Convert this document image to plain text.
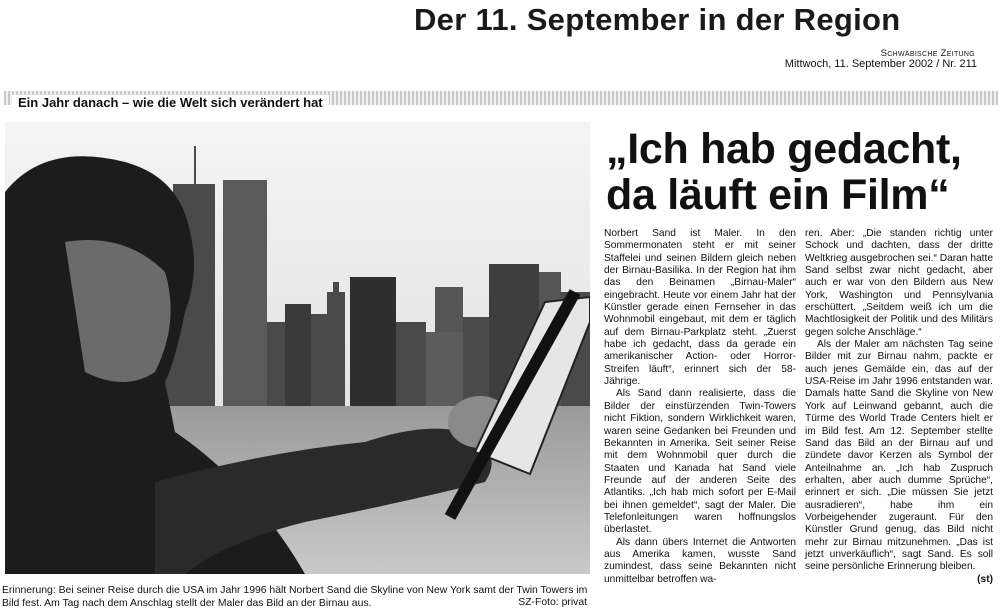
Der 11. September in der Region
Schwäbische Zeitung
Mittwoch, 11. September 2002 / Nr. 211
Ein Jahr danach – wie die Welt sich verändert hat
Erinnerung: Bei seiner Reise durch die USA im Jahr 1996 hält Norbert Sand die Skyline von New York samt der Twin Towers im Bild fest. Am Tag nach dem Anschlag stellt der Maler das Bild an der Birnau aus.	SZ-Foto: privat
„Ich hab gedacht, da läuft ein Film“

Norbert Sand ist Maler. In den Sommermonaten steht er mit seiner Staffelei und seinen Bildern gleich neben der Birnau-Basilika. In der Region hat ihm das den Beinamen „Birnau-Maler“ eingebracht. Heute vor einem Jahr hat der Künstler gerade einen Fernseher in das Wohnmobil eingebaut, mit dem er täglich auf dem Birnau-Parkplatz steht. „Zuerst habe ich gedacht, dass da gerade ein amerikanischer Action- oder Horror-Streifen läuft“, erinnert sich der 58-Jährige.

Als Sand dann realisierte, dass die Bilder der einstürzenden Twin-Towers nicht Fiktion, sondern Wirklichkeit waren, waren seine Gedanken bei Freunden und Bekannten in Amerika. Seit seiner Reise mit dem Wohnmobil quer durch die Staaten und Kanada hat Sand viele Freunde auf der anderen Seite des Atlantiks. „Ich hab mich sofort per E-Mail bei ihnen gemeldet“, sagt der Maler. Die Telefonleitungen waren hoffnungslos überlastet.

Als dann übers Internet die Antworten aus Amerika kamen, wusste Sand zumindest, dass seine Bekannten nicht unmittelbar betroffen wa-

ren. Aber: „Die standen richtig unter Schock und dachten, dass der dritte Weltkrieg ausgebrochen sei.“ Daran hatte Sand selbst zwar nicht gedacht, aber auch er war von den Bildern aus New York, Washington und Pennsylvania erschüttert. „Seitdem weiß ich um die Machtlosigkeit der Politik und des Militärs gegen solche Anschläge.“

Als der Maler am nächsten Tag seine Bilder mit zur Birnau nahm, packte er auch jenes Gemälde ein, das auf der USA-Reise im Jahr 1996 entstanden war. Damals hatte Sand die Skyline von New York auf Leinwand gebannt, auch die Türme des World Trade Centers hielt er im Bild fest. Am 12. September stellte Sand das Bild an der Birnau auf und zündete davor Kerzen als Symbol der Anteilnahme an. „Ich hab Zuspruch erhalten, aber auch dumme Sprüche“, erinnert er sich. „Die müssen Sie jetzt ausradieren“, habe ihm ein Vorbeigehender zugeraunt. Für den Künstler Grund genug, das Bild nicht mehr zur Birnau mitzunehmen. „Das ist jetzt unverkäuflich“, sagt Sand. Es soll seine persönliche Erinnerung bleiben.
(st)
